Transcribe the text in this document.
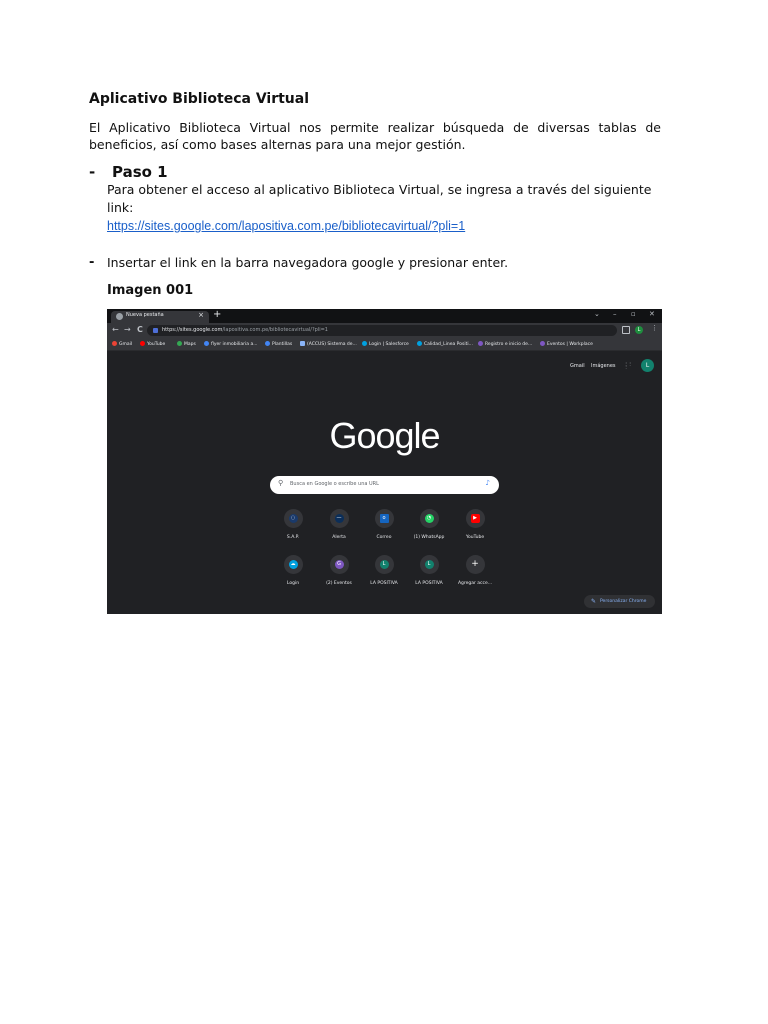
Aplicativo Biblioteca Virtual

El Aplicativo Biblioteca Virtual nos permite realizar búsqueda de diversas tablas de beneficios, así como bases alternas para una mejor gestión.

- Paso 1

Para obtener el acceso al aplicativo Biblioteca Virtual, se ingresa a través del siguiente link:

https://sites.google.com/lapositiva.com.pe/bibliotecavirtual/?pli=1
- Insertar el link en la barra navegadora google y presionar enter.

Imagen 001

Nueva pestaña	× +	⌄ – ▫ ✕
← → C	https://sites.google.com/lapositiva.com.pe/bibliotecavirtual/?pli=1	L	⋮
Gmail	YouTube	Maps	flyer inmobiliaria a...	Plantillas	(ACCUS) Sistema de...	Login | Salesforce	Calidad_Linea Positi...	Registro e inicio de...	Eventos | Workplace
Gmail Imágenes ⋮⋮⋮	L
Google
⚲ Busca en Google o escribe una URL	♪
◌
S.A.P.
—
Alerta
o
Correo
◔
(1) WhatsApp
▶
YouTube
☁
Login
G
(2) Eventos
L
LA POSITIVA
L
LA POSITIVA
+
Agregar acce...
✎ Personalizar Chrome
